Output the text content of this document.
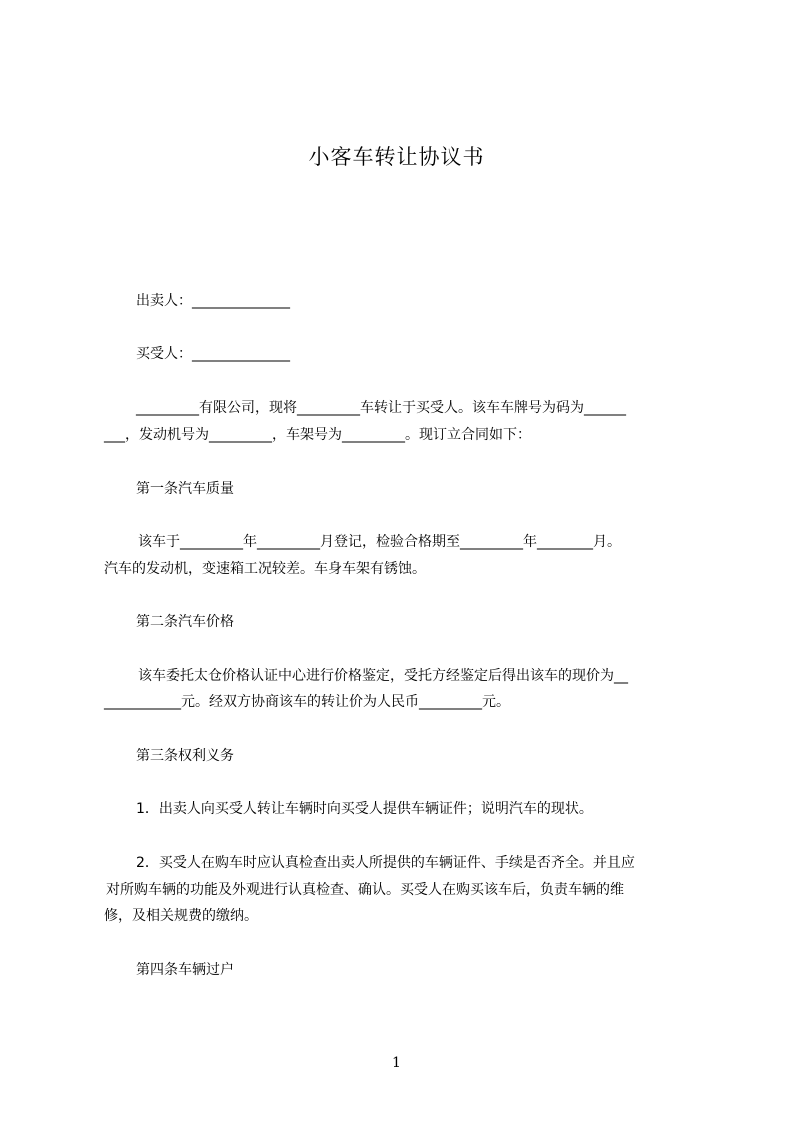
小客车转让协议书
出卖人：______________
买受人：______________
_________有限公司，现将_________车转让于买受人。该车车牌号为码为______
___，发动机号为_________，车架号为_________。现订立合同如下：
第一条汽车质量
该车于_________年_________月登记，检验合格期至_________年________月。
汽车的发动机，变速箱工况较差。车身车架有锈蚀。
第二条汽车价格
该车委托太仓价格认证中心进行价格鉴定，受托方经鉴定后得出该车的现价为__
___________元。经双方协商该车的转让价为人民币_________元。
第三条权利义务
1．出卖人向买受人转让车辆时向买受人提供车辆证件；说明汽车的现状。
2．买受人在购车时应认真检查出卖人所提供的车辆证件、手续是否齐全。并且应
对所购车辆的功能及外观进行认真检查、确认。买受人在购买该车后，负责车辆的维
修，及相关规费的缴纳。
第四条车辆过户
1
